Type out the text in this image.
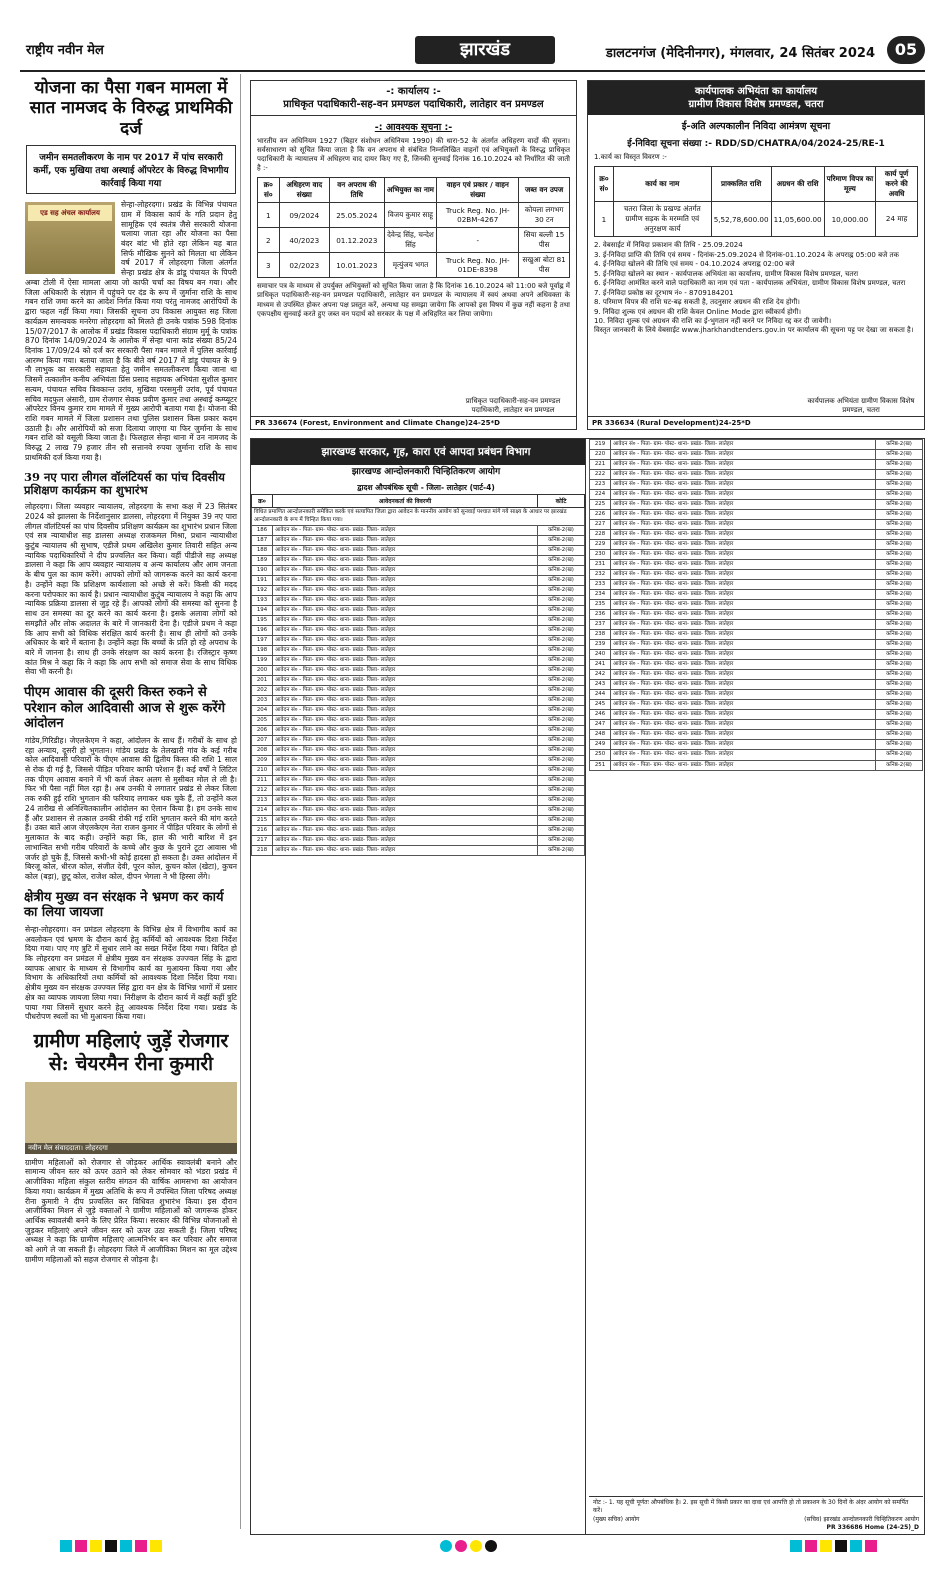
राष्ट्रीय नवीन मेल	झारखंड	डालटनगंज (मेदिनीनगर), मंगलवार, 24 सितंबर 2024	05
योजना का पैसा गबन मामला में सात नामजद के विरुद्ध प्राथमिकी दर्ज
जमीन समतलीकरण के नाम पर 2017 में पांच सरकारी कर्मी, एक मुखिया तथा अस्थाई ऑपरेटर के विरुद्ध विभागीय कार्रवाई किया गया
एड सह अंचल कार्यालय
सेन्हा-लोहरदगा। प्रखंड के विभिन्न पंचायत ग्राम में विकास कार्य के गति प्रदान हेतु सामूहिक एवं स्वतंत्र जैसे सरकारी योजना चलाया जाता रहा और योजना का पैसा बंदर बांट भी होते रहा लेकिन यह बात सिर्फ मौखिक सुनने को मिलता था लेकिन वर्ष 2017 में लोहरदगा जिला अंतर्गत सेन्हा प्रखंड क्षेत्र के डांडू पंचायत के पिपरी अम्बा टोली में ऐसा मामला आया जो काफी चर्चा का विषय बन गया। और जिला अधिकारी के संज्ञान में पहुंचने पर दंड के रूप में जुर्माना राशि के साथ गबन राशि जमा करने का आदेश निर्गत किया गया परंतु नामजद आरोपियों के द्वारा फहल नहीं किया गया। जिसकी सूचना उप विकास आयुक्त सह जिला कार्यक्रम समन्वयक मनरेगा लोहरदगा को मिलते ही उनके पत्रांक 598 दिनांक 15/07/2017 के आलोक में प्रखंड विकास पदाधिकारी संग्राम मुर्मू के पत्रांक 870 दिनांक 14/09/2024 के आलोक में सेन्हा थाना कांड संख्या 85/24 दिनांक 17/09/24 को दर्ज कर सरकारी पैसा गबन मामले में पुलिस कार्रवाई आरम्भ किया गया। बताया जाता है कि बीते वर्ष 2017 में डांडू पंचायत के 9 नौ लाभुक का सरकारी सहायता हेतु जमीन समतलीकरण किया जाना था जिसमें तत्कालीन कनीय अभियंता प्रिंस प्रसाद सहायक अभियंता सुशील कुमार सत्यम, पंचायत सचिव त्रिवकान्त उरांव, मुखिया परसमुनी उरांव, पूर्व पंचायत सचिव मदफुल अंसारी, ग्राम रोजगार सेवक प्रवीण कुमार तथा अस्थाई कम्प्यूटर ऑपरेटर विनय कुमार राम मामले में मुख्य आरोपी बताया गया है। योजना की राशि गबन मामले में जिला प्रशासन तथा पुलिस प्रशासन किस प्रकार कदम उठाती है। और आरोपियों को सजा दिलाया जाएगा या फिर जुर्माना के साथ गबन राशि को वसूली किया जाता है। फिलहाल सेन्हा थाना में उन नामजद के विरुद्ध 2 लाख 79 हजार तीन सौ सत्तानवे रुपया जुर्माना राशि के साथ प्राथमिकी दर्ज किया गया है।
39 नए पारा लीगल वॉलंटियर्स का पांच दिवसीय प्रशिक्षण कार्यक्रम का शुभारंभ
लोहरदगा। जिला व्यवहार न्यायालय, लोहरदगा के सभा कक्ष में 23 सितंबर 2024 को झालसा के निर्देशानुसार डालसा, लोहरदगा में नियुक्त 39 नए पारा लीगल वॉलंटियर्स का पांच दिवसीय प्रशिक्षण कार्यक्रम का शुभारंभ प्रधान जिला एवं सत्र न्यायाधीश सह डालसा अध्यक्ष राजकमल मिश्रा, प्रधान न्यायाधीश कुटुंब न्यायालय श्री सुभाष, एडीजे प्रथम अखिलेश कुमार तिवारी सहित अन्य न्यायिक पदाधिकारियों ने दीप प्रज्वलित कर किया। वहीं पीडीजे सह अध्यक्ष डालसा ने कहा कि आप व्यवहार न्यायालय व अन्य कार्यालय और आम जनता के बीच पुल का काम करेंगे। आपको लोगों को जागरूक करने का कार्य करना है। उन्होंने कहा कि प्रशिक्षण कार्यशाला को अच्छे से करें। किसी की मदद करना परोपकार का कार्य है। प्रधान न्यायाधीश कुटुंब न्यायालय ने कहा कि आप न्यायिक प्रक्रिया डालसा से जुड़ रहे हैं। आपको लोगों की समस्या को सुनना है साथ उन समस्या का दूर करने का कार्य करना है। इसके अलावा लोगों को समझौते और लोक अदालत के बारे में जानकारी देना है। एडीजे प्रथम ने कहा कि आप सभी को विधिक संरक्षित कार्य करनी है। साथ ही लोगों को उनके अधिकार के बारे में बताना है। उन्होंने कहा कि बच्चों के प्रति हो रहे अपराध के बारे में जानना है। साथ ही उनके संरक्षण का कार्य करना है। रजिस्ट्रार कृष्ण कांत मिश्र ने कहा कि ने कहा कि आप सभी को समाज सेवा के साथ विधिक सेवा भी करनी है।
पीएम आवास की दूसरी किस्त रुकने से परेशान कोल आदिवासी आज से शुरू करेंगे आंदोलन
गांडेय,गिरिडीह। जेएलकेएम ने कहा, आंदोलन के साथ हैं। गरीबों के साथ हो रहा अन्याय, दूसरी हो भुगतान। गांडेय प्रखंड के तेलखारी गांव के कई गरीब कोल आदिवासी परिवारों के पीएम आवास की द्वितीय किस्त की राशि 1 साल से रोक दी गई है, जिससे पीड़ित परिवार काफी परेशान हैं। कई वर्षों ने लिटिल तक पीएम आवास बनाने में भी कर्ज लेकर अलग से मुसीबत मोल ले ली है। फिर भी पैसा नहीं मिल रहा है। अब उनकी ये लगातार प्रखंड से लेकर जिला तक रुकी हुई राशि भुगतान की फरियाद लगाकर थक चुके हैं, तो उन्होंने कल 24 तारीख से अनिश्चितकालीन आंदोलन का ऐलान किया है। हम उनके साथ हैं और प्रशासन से तत्काल उनकी रोकी गई राशि भुगतान करने की मांग करते हैं। उक्त बातें आज जेएलकेएम नेता राजन कुमार ने पीड़ित परिवार के लोगों से मुलाकात के बाद कही। उन्होंने कहा कि, हाल की भारी बारिश में इन लाभान्वित सभी गरीब परिवारों के कच्चे और कुछ के पुराने टूटा आवास भी जर्जर हो चुके हैं, जिससे कभी-भी कोई हादसा हो सकता है। उक्त आंदोलन में बिरजू कोल, धीरज कोल, संजीत देवी, पूरन कोल, कुचन कोल (खेटा), कुचन कोल (बड़ा), छुटू कोल, राजेश कोल, दीपन भेगला ने भी हिस्सा लेंगे।
क्षेत्रीय मुख्य वन संरक्षक ने भ्रमण कर कार्य का लिया जायजा
सेन्हा-लोहरदगा। वन प्रमंडल लोहरदगा के विभिन्न क्षेत्र में विभागीय कार्य का अवलोकन एवं भ्रमण के दौरान कार्य हेतु कर्मियों को आवश्यक दिशा निर्देश दिया गया। पाए गए त्रुटि में सुधार लाने का सख्त निर्देश दिया गया। विदित हो कि लोहरदगा वन प्रमंडल में क्षेत्रीय मुख्य वन संरक्षक उज्ज्वल सिंह के द्वारा व्यापक आधार के माध्यम से विभागीय कार्य का मुआयना किया गया और विभाग के अधिकारियों तथा कर्मियों को आवश्यक दिशा निर्देश दिया गया। क्षेत्रीय मुख्य वन संरक्षक उज्ज्वल सिंह द्वारा वन क्षेत्र के विभिन्न भागों में प्रसार क्षेत्र का व्यापक जायजा लिया गया। निरीक्षण के दौरान कार्य में कहीं कहीं त्रुटि पाया गया जिसमें सुधार करने हेतु आवश्यक निर्देश दिया गया। प्रखंड के पौधरोपण स्थलों का भी मुआयना किया गया।
ग्रामीण महिलाएं जुड़ें रोजगार से: चेयरमैन रीना कुमारी
नवीन मेल संवाददाता। लोहरदगा
ग्रामीण महिलाओं को रोजगार से जोड़कर आर्थिक स्वावलंबी बनाने और सामान्य जीवन स्तर को ऊपर उठाने को लेकर सोमवार को भंडरा प्रखंड में आजीविका महिला संकुल स्तरीय संगठन की वार्षिक आमसभा का आयोजन किया गया। कार्यक्रम में मुख्य अतिथि के रूप में उपस्थित जिला परिषद अध्यक्ष रीना कुमारी ने दीप प्रज्वलित कर विधिवत शुभारंभ किया। इस दौरान आजीविका मिशन से जुड़े वक्ताओं ने ग्रामीण महिलाओं को जागरूक होकर आर्थिक स्वावलंबी बनने के लिए प्रेरित किया। सरकार की विभिन्न योजनाओं से जुड़कर महिलाएं अपने जीवन स्तर को ऊपर उठा सकती हैं। जिला परिषद अध्यक्ष ने कहा कि ग्रामीण महिलाएं आत्मनिर्भर बन कर परिवार और समाज को आगे ले जा सकती हैं। लोहरदगा जिले में आजीविका मिशन का मूल उद्देश्य ग्रामीण महिलाओं को सहज रोजगार से जोड़ना है।
-: कार्यालय :-
प्राधिकृत पदाधिकारी-सह-वन प्रमण्डल पदाधिकारी, लातेहार वन प्रमण्डल
-: आवश्यक सूचना :-
भारतीय वन अधिनियम 1927 (बिहार संशोधन अधिनियम 1990) की धारा-52 के अंतर्गत अधिहरण वादों की सूचना। सर्वसाधारण को सूचित किया जाता है कि वन अपराध से संबंधित निम्नलिखित वाहनों एवं अभियुक्तों के विरुद्ध प्राधिकृत पदाधिकारी के न्यायालय में अधिहरण वाद दायर किए गए हैं, जिनकी सुनवाई दिनांक 16.10.2024 को निर्धारित की जाती है :-
क्र० सं०	अधिहरण वाद संख्या	वन अपराध की तिथि	अभियुक्त का नाम	वाहन एवं प्रकार / वाहन संख्या	जब्त वन उपज
1	09/2024	25.05.2024	विजय कुमार साहू	Truck Reg. No. JH-02BM-4267	कोयला लगभग 30 टन
2	40/2023	01.12.2023	देवेन्द्र सिंह, चन्देश सिंह	-	सिया बल्ली 15 पीस
3	02/2023	10.01.2023	मृत्युंजय भगत	Truck Reg. No. JH-01DE-8398	सखुआ बोटा 81 पीस
समाचार पत्र के माध्यम से उपर्युक्त अभियुक्तों को सूचित किया जाता है कि दिनांक 16.10.2024 को 11:00 बजे पूर्वाह्न में प्राधिकृत पदाधिकारी-सह-वन प्रमण्डल पदाधिकारी, लातेहार वन प्रमण्डल के न्यायालय में स्वयं अथवा अपने अधिवक्ता के माध्यम से उपस्थित होकर अपना पक्ष प्रस्तुत करें, अन्यथा यह समझा जायेगा कि आपको इस विषय में कुछ नहीं कहना है तथा एकपक्षीय सुनवाई करते हुए जब्त वन पदार्थ को सरकार के पक्ष में अधिहरित कर लिया जायेगा।
प्राधिकृत पदाधिकारी-सह-वन प्रमण्डल पदाधिकारी, लातेहार वन प्रमण्डल
PR 336674 (Forest, Environment and Climate Change)24-25*D
कार्यपालक अभियंता का कार्यालय
ग्रामीण विकास विशेष प्रमण्डल, चतरा
ई-अति अल्पकालीन निविदा आमंत्रण सूचना
ई-निविदा सूचना संख्या :- RDD/SD/CHATRA/04/2024-25/RE-1
1.कार्य का विस्तृत विवरण :-
क्र० सं०	कार्य का नाम	प्राक्कलित राशि	अग्रधन की राशि	परिमाण विपत्र का मूल्य	कार्य पूर्ण करने की अवधि
1	चतरा जिला के प्रखण्ड अंतर्गत ग्रामीण सड़क के मरम्मति एवं अनुरक्षण कार्य	5,52,78,600.00	11,05,600.00	10,000.00	24 माह
2. वेबसाईट में निविदा प्रकाशन की तिथि - 25.09.2024
3. ई-निविदा प्राप्ति की तिथि एवं समय - दिनांक-25.09.2024 से दिनांक-01.10.2024 के अपराह्न 05:00 बजे तक
4. ई-निविदा खोलने की तिथि एवं समय - 04.10.2024 अपराह्न 02:00 बजे
5. ई-निविदा खोलने का स्थान - कार्यपालक अभियंता का कार्यालय, ग्रामीण विकास विशेष प्रमण्डल, चतरा
6. ई-निविदा आमंत्रित करने वाले पदाधिकारी का नाम एवं पता - कार्यपालक अभियंता, ग्रामीण विकास विशेष प्रमण्डल, चतरा
7. ई-निविदा प्रकोष्ठ का दूरभाष नं० - 8709184201
8. परिमाण विपत्र की राशि घट-बढ़ सकती है, तदनुसार अग्रधन की राशि देय होगी।
9. निविदा शुल्क एवं अग्रधन की राशि केवल Online Mode द्वारा स्वीकार्य होगी।
10. निविदा शुल्क एवं अग्रधन की राशि का ई-भुगतान नहीं करने पर निविदा रद्द कर दी जायेगी।
विस्तृत जानकारी के लिये वेबसाईट www.jharkhandtenders.gov.in पर कार्यालय की सूचना पट्ट पर देखा जा सकता है।
कार्यपालक अभियंता ग्रामीण विकास विशेष प्रमण्डल, चतरा
PR 336634 (Rural Development)24-25*D
झारखण्ड सरकार, गृह, कारा एवं आपदा प्रबंधन विभाग
झारखण्ड आन्दोलनकारी चिन्हितिकरण आयोग
द्वादश औपबंधिक सूची - जिला- लातेहार (पार्ट-4)
क्र०	आवेदनकर्ता की विवरणी	कोटि
विधित प्रमाणित आन्दोलनकारी समेकित करके एवं सत्यापित जिला द्वारा आवेदन के माननीय आयोग को सुनवाई पश्चात मांगे गये साक्ष्य के आधार पर झारखंड आन्दोलनकारी के रूप में चिन्हित किया गया।		
186	आवेदन सं० - पिता- ग्राम- पोस्ट- थाना- प्रखंड- जिला- लातेहार	कनिष्ठ-2(ख)
187	आवेदन सं० - पिता- ग्राम- पोस्ट- थाना- प्रखंड- जिला- लातेहार	कनिष्ठ-2(ख)
188	आवेदन सं० - पिता- ग्राम- पोस्ट- थाना- प्रखंड- जिला- लातेहार	कनिष्ठ-2(ख)
189	आवेदन सं० - पिता- ग्राम- पोस्ट- थाना- प्रखंड- जिला- लातेहार	कनिष्ठ-2(ख)
190	आवेदन सं० - पिता- ग्राम- पोस्ट- थाना- प्रखंड- जिला- लातेहार	कनिष्ठ-2(ख)
191	आवेदन सं० - पिता- ग्राम- पोस्ट- थाना- प्रखंड- जिला- लातेहार	कनिष्ठ-2(ख)
192	आवेदन सं० - पिता- ग्राम- पोस्ट- थाना- प्रखंड- जिला- लातेहार	कनिष्ठ-2(ख)
193	आवेदन सं० - पिता- ग्राम- पोस्ट- थाना- प्रखंड- जिला- लातेहार	कनिष्ठ-2(ख)
194	आवेदन सं० - पिता- ग्राम- पोस्ट- थाना- प्रखंड- जिला- लातेहार	कनिष्ठ-2(ख)
195	आवेदन सं० - पिता- ग्राम- पोस्ट- थाना- प्रखंड- जिला- लातेहार	कनिष्ठ-2(ख)
196	आवेदन सं० - पिता- ग्राम- पोस्ट- थाना- प्रखंड- जिला- लातेहार	कनिष्ठ-2(ख)
197	आवेदन सं० - पिता- ग्राम- पोस्ट- थाना- प्रखंड- जिला- लातेहार	कनिष्ठ-2(ख)
198	आवेदन सं० - पिता- ग्राम- पोस्ट- थाना- प्रखंड- जिला- लातेहार	कनिष्ठ-2(ख)
199	आवेदन सं० - पिता- ग्राम- पोस्ट- थाना- प्रखंड- जिला- लातेहार	कनिष्ठ-2(ख)
200	आवेदन सं० - पिता- ग्राम- पोस्ट- थाना- प्रखंड- जिला- लातेहार	कनिष्ठ-2(ख)
201	आवेदन सं० - पिता- ग्राम- पोस्ट- थाना- प्रखंड- जिला- लातेहार	कनिष्ठ-2(ख)
202	आवेदन सं० - पिता- ग्राम- पोस्ट- थाना- प्रखंड- जिला- लातेहार	कनिष्ठ-2(ख)
203	आवेदन सं० - पिता- ग्राम- पोस्ट- थाना- प्रखंड- जिला- लातेहार	कनिष्ठ-2(ख)
204	आवेदन सं० - पिता- ग्राम- पोस्ट- थाना- प्रखंड- जिला- लातेहार	कनिष्ठ-2(ख)
205	आवेदन सं० - पिता- ग्राम- पोस्ट- थाना- प्रखंड- जिला- लातेहार	कनिष्ठ-2(ख)
206	आवेदन सं० - पिता- ग्राम- पोस्ट- थाना- प्रखंड- जिला- लातेहार	कनिष्ठ-2(ख)
207	आवेदन सं० - पिता- ग्राम- पोस्ट- थाना- प्रखंड- जिला- लातेहार	कनिष्ठ-2(ख)
208	आवेदन सं० - पिता- ग्राम- पोस्ट- थाना- प्रखंड- जिला- लातेहार	कनिष्ठ-2(ख)
209	आवेदन सं० - पिता- ग्राम- पोस्ट- थाना- प्रखंड- जिला- लातेहार	कनिष्ठ-2(ख)
210	आवेदन सं० - पिता- ग्राम- पोस्ट- थाना- प्रखंड- जिला- लातेहार	कनिष्ठ-2(ख)
211	आवेदन सं० - पिता- ग्राम- पोस्ट- थाना- प्रखंड- जिला- लातेहार	कनिष्ठ-2(ख)
212	आवेदन सं० - पिता- ग्राम- पोस्ट- थाना- प्रखंड- जिला- लातेहार	कनिष्ठ-2(ख)
213	आवेदन सं० - पिता- ग्राम- पोस्ट- थाना- प्रखंड- जिला- लातेहार	कनिष्ठ-2(ख)
214	आवेदन सं० - पिता- ग्राम- पोस्ट- थाना- प्रखंड- जिला- लातेहार	कनिष्ठ-2(ख)
215	आवेदन सं० - पिता- ग्राम- पोस्ट- थाना- प्रखंड- जिला- लातेहार	कनिष्ठ-2(ख)
216	आवेदन सं० - पिता- ग्राम- पोस्ट- थाना- प्रखंड- जिला- लातेहार	कनिष्ठ-2(ख)
217	आवेदन सं० - पिता- ग्राम- पोस्ट- थाना- प्रखंड- जिला- लातेहार	कनिष्ठ-2(ख)
218	आवेदन सं० - पिता- ग्राम- पोस्ट- थाना- प्रखंड- जिला- लातेहार	कनिष्ठ-2(ख)
219	आवेदन सं० - पिता- ग्राम- पोस्ट- थाना- प्रखंड- जिला- लातेहार	कनिष्ठ-2(ख)
220	आवेदन सं० - पिता- ग्राम- पोस्ट- थाना- प्रखंड- जिला- लातेहार	कनिष्ठ-2(ख)
221	आवेदन सं० - पिता- ग्राम- पोस्ट- थाना- प्रखंड- जिला- लातेहार	कनिष्ठ-2(ख)
222	आवेदन सं० - पिता- ग्राम- पोस्ट- थाना- प्रखंड- जिला- लातेहार	कनिष्ठ-2(ख)
223	आवेदन सं० - पिता- ग्राम- पोस्ट- थाना- प्रखंड- जिला- लातेहार	कनिष्ठ-2(ख)
224	आवेदन सं० - पिता- ग्राम- पोस्ट- थाना- प्रखंड- जिला- लातेहार	कनिष्ठ-2(ख)
225	आवेदन सं० - पिता- ग्राम- पोस्ट- थाना- प्रखंड- जिला- लातेहार	कनिष्ठ-2(ख)
226	आवेदन सं० - पिता- ग्राम- पोस्ट- थाना- प्रखंड- जिला- लातेहार	कनिष्ठ-2(ख)
227	आवेदन सं० - पिता- ग्राम- पोस्ट- थाना- प्रखंड- जिला- लातेहार	कनिष्ठ-2(ख)
228	आवेदन सं० - पिता- ग्राम- पोस्ट- थाना- प्रखंड- जिला- लातेहार	कनिष्ठ-2(ख)
229	आवेदन सं० - पिता- ग्राम- पोस्ट- थाना- प्रखंड- जिला- लातेहार	कनिष्ठ-2(ख)
230	आवेदन सं० - पिता- ग्राम- पोस्ट- थाना- प्रखंड- जिला- लातेहार	कनिष्ठ-2(ख)
231	आवेदन सं० - पिता- ग्राम- पोस्ट- थाना- प्रखंड- जिला- लातेहार	कनिष्ठ-2(ख)
232	आवेदन सं० - पिता- ग्राम- पोस्ट- थाना- प्रखंड- जिला- लातेहार	कनिष्ठ-2(ख)
233	आवेदन सं० - पिता- ग्राम- पोस्ट- थाना- प्रखंड- जिला- लातेहार	कनिष्ठ-2(ख)
234	आवेदन सं० - पिता- ग्राम- पोस्ट- थाना- प्रखंड- जिला- लातेहार	कनिष्ठ-2(ख)
235	आवेदन सं० - पिता- ग्राम- पोस्ट- थाना- प्रखंड- जिला- लातेहार	कनिष्ठ-2(ख)
236	आवेदन सं० - पिता- ग्राम- पोस्ट- थाना- प्रखंड- जिला- लातेहार	कनिष्ठ-2(ख)
237	आवेदन सं० - पिता- ग्राम- पोस्ट- थाना- प्रखंड- जिला- लातेहार	कनिष्ठ-2(ख)
238	आवेदन सं० - पिता- ग्राम- पोस्ट- थाना- प्रखंड- जिला- लातेहार	कनिष्ठ-2(ख)
239	आवेदन सं० - पिता- ग्राम- पोस्ट- थाना- प्रखंड- जिला- लातेहार	कनिष्ठ-2(ख)
240	आवेदन सं० - पिता- ग्राम- पोस्ट- थाना- प्रखंड- जिला- लातेहार	कनिष्ठ-2(ख)
241	आवेदन सं० - पिता- ग्राम- पोस्ट- थाना- प्रखंड- जिला- लातेहार	कनिष्ठ-2(ख)
242	आवेदन सं० - पिता- ग्राम- पोस्ट- थाना- प्रखंड- जिला- लातेहार	कनिष्ठ-2(ख)
243	आवेदन सं० - पिता- ग्राम- पोस्ट- थाना- प्रखंड- जिला- लातेहार	कनिष्ठ-2(ख)
244	आवेदन सं० - पिता- ग्राम- पोस्ट- थाना- प्रखंड- जिला- लातेहार	कनिष्ठ-2(ख)
245	आवेदन सं० - पिता- ग्राम- पोस्ट- थाना- प्रखंड- जिला- लातेहार	कनिष्ठ-2(ख)
246	आवेदन सं० - पिता- ग्राम- पोस्ट- थाना- प्रखंड- जिला- लातेहार	कनिष्ठ-2(ख)
247	आवेदन सं० - पिता- ग्राम- पोस्ट- थाना- प्रखंड- जिला- लातेहार	कनिष्ठ-2(ख)
248	आवेदन सं० - पिता- ग्राम- पोस्ट- थाना- प्रखंड- जिला- लातेहार	कनिष्ठ-2(ख)
249	आवेदन सं० - पिता- ग्राम- पोस्ट- थाना- प्रखंड- जिला- लातेहार	कनिष्ठ-2(ख)
250	आवेदन सं० - पिता- ग्राम- पोस्ट- थाना- प्रखंड- जिला- लातेहार	कनिष्ठ-2(ख)
251	आवेदन सं० - पिता- ग्राम- पोस्ट- थाना- प्रखंड- जिला- लातेहार	कनिष्ठ-2(ख)
नोट :- 1. यह सूची पूर्णतः औपबंधिक है। 2. इस सूची में किसी प्रकार का दावा एवं आपत्ति हो तो प्रकाशन के 30 दिनों के अंदर आयोग को समर्पित करें।
(मुख्य सचिव) आयोग	(सचिव) झारखंड आन्दोलनकारी चिन्हितिकरण आयोग
PR 336686 Home (24-25)_D
